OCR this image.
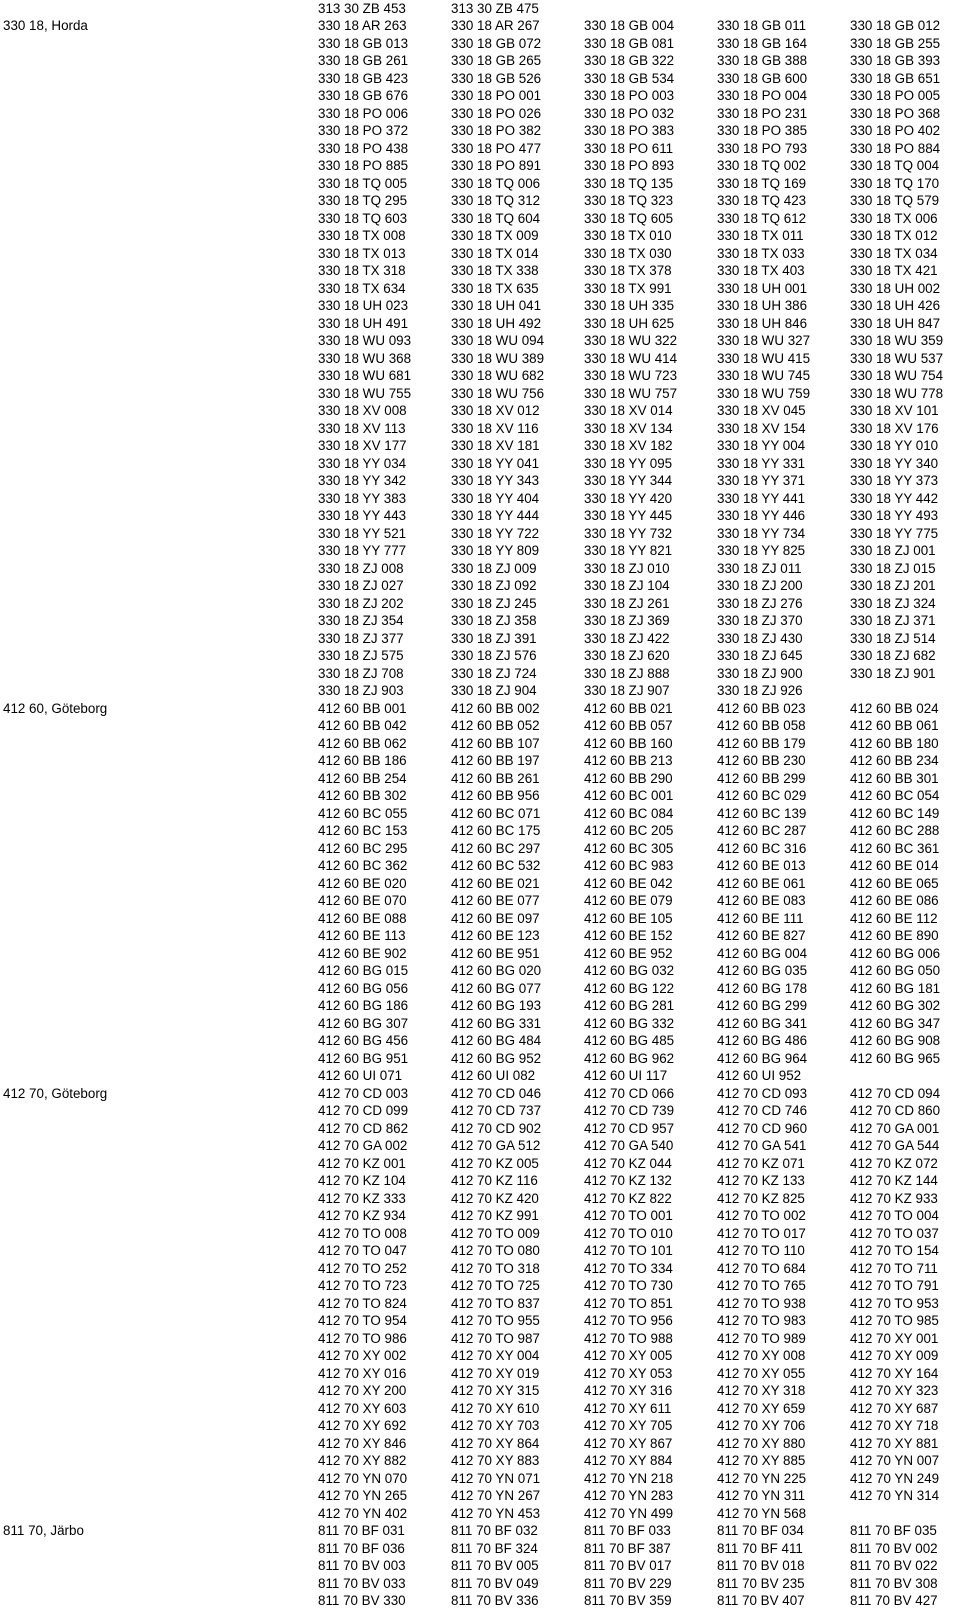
313 30 ZB 453	313 30 ZB 475
330 18, Horda	330 18 AR 263	330 18 AR 267	330 18 GB 004	330 18 GB 011	330 18 GB 012
330 18 GB 013	330 18 GB 072	330 18 GB 081	330 18 GB 164	330 18 GB 255
330 18 GB 261	330 18 GB 265	330 18 GB 322	330 18 GB 388	330 18 GB 393
330 18 GB 423	330 18 GB 526	330 18 GB 534	330 18 GB 600	330 18 GB 651
330 18 GB 676	330 18 PO 001	330 18 PO 003	330 18 PO 004	330 18 PO 005
330 18 PO 006	330 18 PO 026	330 18 PO 032	330 18 PO 231	330 18 PO 368
330 18 PO 372	330 18 PO 382	330 18 PO 383	330 18 PO 385	330 18 PO 402
330 18 PO 438	330 18 PO 477	330 18 PO 611	330 18 PO 793	330 18 PO 884
330 18 PO 885	330 18 PO 891	330 18 PO 893	330 18 TQ 002	330 18 TQ 004
330 18 TQ 005	330 18 TQ 006	330 18 TQ 135	330 18 TQ 169	330 18 TQ 170
330 18 TQ 295	330 18 TQ 312	330 18 TQ 323	330 18 TQ 423	330 18 TQ 579
330 18 TQ 603	330 18 TQ 604	330 18 TQ 605	330 18 TQ 612	330 18 TX 006
330 18 TX 008	330 18 TX 009	330 18 TX 010	330 18 TX 011	330 18 TX 012
330 18 TX 013	330 18 TX 014	330 18 TX 030	330 18 TX 033	330 18 TX 034
330 18 TX 318	330 18 TX 338	330 18 TX 378	330 18 TX 403	330 18 TX 421
330 18 TX 634	330 18 TX 635	330 18 TX 991	330 18 UH 001	330 18 UH 002
330 18 UH 023	330 18 UH 041	330 18 UH 335	330 18 UH 386	330 18 UH 426
330 18 UH 491	330 18 UH 492	330 18 UH 625	330 18 UH 846	330 18 UH 847
330 18 WU 093	330 18 WU 094	330 18 WU 322	330 18 WU 327	330 18 WU 359
330 18 WU 368	330 18 WU 389	330 18 WU 414	330 18 WU 415	330 18 WU 537
330 18 WU 681	330 18 WU 682	330 18 WU 723	330 18 WU 745	330 18 WU 754
330 18 WU 755	330 18 WU 756	330 18 WU 757	330 18 WU 759	330 18 WU 778
330 18 XV 008	330 18 XV 012	330 18 XV 014	330 18 XV 045	330 18 XV 101
330 18 XV 113	330 18 XV 116	330 18 XV 134	330 18 XV 154	330 18 XV 176
330 18 XV 177	330 18 XV 181	330 18 XV 182	330 18 YY 004	330 18 YY 010
330 18 YY 034	330 18 YY 041	330 18 YY 095	330 18 YY 331	330 18 YY 340
330 18 YY 342	330 18 YY 343	330 18 YY 344	330 18 YY 371	330 18 YY 373
330 18 YY 383	330 18 YY 404	330 18 YY 420	330 18 YY 441	330 18 YY 442
330 18 YY 443	330 18 YY 444	330 18 YY 445	330 18 YY 446	330 18 YY 493
330 18 YY 521	330 18 YY 722	330 18 YY 732	330 18 YY 734	330 18 YY 775
330 18 YY 777	330 18 YY 809	330 18 YY 821	330 18 YY 825	330 18 ZJ 001
330 18 ZJ 008	330 18 ZJ 009	330 18 ZJ 010	330 18 ZJ 011	330 18 ZJ 015
330 18 ZJ 027	330 18 ZJ 092	330 18 ZJ 104	330 18 ZJ 200	330 18 ZJ 201
330 18 ZJ 202	330 18 ZJ 245	330 18 ZJ 261	330 18 ZJ 276	330 18 ZJ 324
330 18 ZJ 354	330 18 ZJ 358	330 18 ZJ 369	330 18 ZJ 370	330 18 ZJ 371
330 18 ZJ 377	330 18 ZJ 391	330 18 ZJ 422	330 18 ZJ 430	330 18 ZJ 514
330 18 ZJ 575	330 18 ZJ 576	330 18 ZJ 620	330 18 ZJ 645	330 18 ZJ 682
330 18 ZJ 708	330 18 ZJ 724	330 18 ZJ 888	330 18 ZJ 900	330 18 ZJ 901
330 18 ZJ 903	330 18 ZJ 904	330 18 ZJ 907	330 18 ZJ 926
412 60, Göteborg	412 60 BB 001	412 60 BB 002	412 60 BB 021	412 60 BB 023	412 60 BB 024
412 60 BB 042	412 60 BB 052	412 60 BB 057	412 60 BB 058	412 60 BB 061
412 60 BB 062	412 60 BB 107	412 60 BB 160	412 60 BB 179	412 60 BB 180
412 60 BB 186	412 60 BB 197	412 60 BB 213	412 60 BB 230	412 60 BB 234
412 60 BB 254	412 60 BB 261	412 60 BB 290	412 60 BB 299	412 60 BB 301
412 60 BB 302	412 60 BB 956	412 60 BC 001	412 60 BC 029	412 60 BC 054
412 60 BC 055	412 60 BC 071	412 60 BC 084	412 60 BC 139	412 60 BC 149
412 60 BC 153	412 60 BC 175	412 60 BC 205	412 60 BC 287	412 60 BC 288
412 60 BC 295	412 60 BC 297	412 60 BC 305	412 60 BC 316	412 60 BC 361
412 60 BC 362	412 60 BC 532	412 60 BC 983	412 60 BE 013	412 60 BE 014
412 60 BE 020	412 60 BE 021	412 60 BE 042	412 60 BE 061	412 60 BE 065
412 60 BE 070	412 60 BE 077	412 60 BE 079	412 60 BE 083	412 60 BE 086
412 60 BE 088	412 60 BE 097	412 60 BE 105	412 60 BE 111	412 60 BE 112
412 60 BE 113	412 60 BE 123	412 60 BE 152	412 60 BE 827	412 60 BE 890
412 60 BE 902	412 60 BE 951	412 60 BE 952	412 60 BG 004	412 60 BG 006
412 60 BG 015	412 60 BG 020	412 60 BG 032	412 60 BG 035	412 60 BG 050
412 60 BG 056	412 60 BG 077	412 60 BG 122	412 60 BG 178	412 60 BG 181
412 60 BG 186	412 60 BG 193	412 60 BG 281	412 60 BG 299	412 60 BG 302
412 60 BG 307	412 60 BG 331	412 60 BG 332	412 60 BG 341	412 60 BG 347
412 60 BG 456	412 60 BG 484	412 60 BG 485	412 60 BG 486	412 60 BG 908
412 60 BG 951	412 60 BG 952	412 60 BG 962	412 60 BG 964	412 60 BG 965
412 60 UI 071	412 60 UI 082	412 60 UI 117	412 60 UI 952
412 70, Göteborg	412 70 CD 003	412 70 CD 046	412 70 CD 066	412 70 CD 093	412 70 CD 094
412 70 CD 099	412 70 CD 737	412 70 CD 739	412 70 CD 746	412 70 CD 860
412 70 CD 862	412 70 CD 902	412 70 CD 957	412 70 CD 960	412 70 GA 001
412 70 GA 002	412 70 GA 512	412 70 GA 540	412 70 GA 541	412 70 GA 544
412 70 KZ 001	412 70 KZ 005	412 70 KZ 044	412 70 KZ 071	412 70 KZ 072
412 70 KZ 104	412 70 KZ 116	412 70 KZ 132	412 70 KZ 133	412 70 KZ 144
412 70 KZ 333	412 70 KZ 420	412 70 KZ 822	412 70 KZ 825	412 70 KZ 933
412 70 KZ 934	412 70 KZ 991	412 70 TO 001	412 70 TO 002	412 70 TO 004
412 70 TO 008	412 70 TO 009	412 70 TO 010	412 70 TO 017	412 70 TO 037
412 70 TO 047	412 70 TO 080	412 70 TO 101	412 70 TO 110	412 70 TO 154
412 70 TO 252	412 70 TO 318	412 70 TO 334	412 70 TO 684	412 70 TO 711
412 70 TO 723	412 70 TO 725	412 70 TO 730	412 70 TO 765	412 70 TO 791
412 70 TO 824	412 70 TO 837	412 70 TO 851	412 70 TO 938	412 70 TO 953
412 70 TO 954	412 70 TO 955	412 70 TO 956	412 70 TO 983	412 70 TO 985
412 70 TO 986	412 70 TO 987	412 70 TO 988	412 70 TO 989	412 70 XY 001
412 70 XY 002	412 70 XY 004	412 70 XY 005	412 70 XY 008	412 70 XY 009
412 70 XY 016	412 70 XY 019	412 70 XY 053	412 70 XY 055	412 70 XY 164
412 70 XY 200	412 70 XY 315	412 70 XY 316	412 70 XY 318	412 70 XY 323
412 70 XY 603	412 70 XY 610	412 70 XY 611	412 70 XY 659	412 70 XY 687
412 70 XY 692	412 70 XY 703	412 70 XY 705	412 70 XY 706	412 70 XY 718
412 70 XY 846	412 70 XY 864	412 70 XY 867	412 70 XY 880	412 70 XY 881
412 70 XY 882	412 70 XY 883	412 70 XY 884	412 70 XY 885	412 70 YN 007
412 70 YN 070	412 70 YN 071	412 70 YN 218	412 70 YN 225	412 70 YN 249
412 70 YN 265	412 70 YN 267	412 70 YN 283	412 70 YN 311	412 70 YN 314
412 70 YN 402	412 70 YN 453	412 70 YN 499	412 70 YN 568
811 70, Järbo	811 70 BF 031	811 70 BF 032	811 70 BF 033	811 70 BF 034	811 70 BF 035
811 70 BF 036	811 70 BF 324	811 70 BF 387	811 70 BF 411	811 70 BV 002
811 70 BV 003	811 70 BV 005	811 70 BV 017	811 70 BV 018	811 70 BV 022
811 70 BV 033	811 70 BV 049	811 70 BV 229	811 70 BV 235	811 70 BV 308
811 70 BV 330	811 70 BV 336	811 70 BV 359	811 70 BV 407	811 70 BV 427
